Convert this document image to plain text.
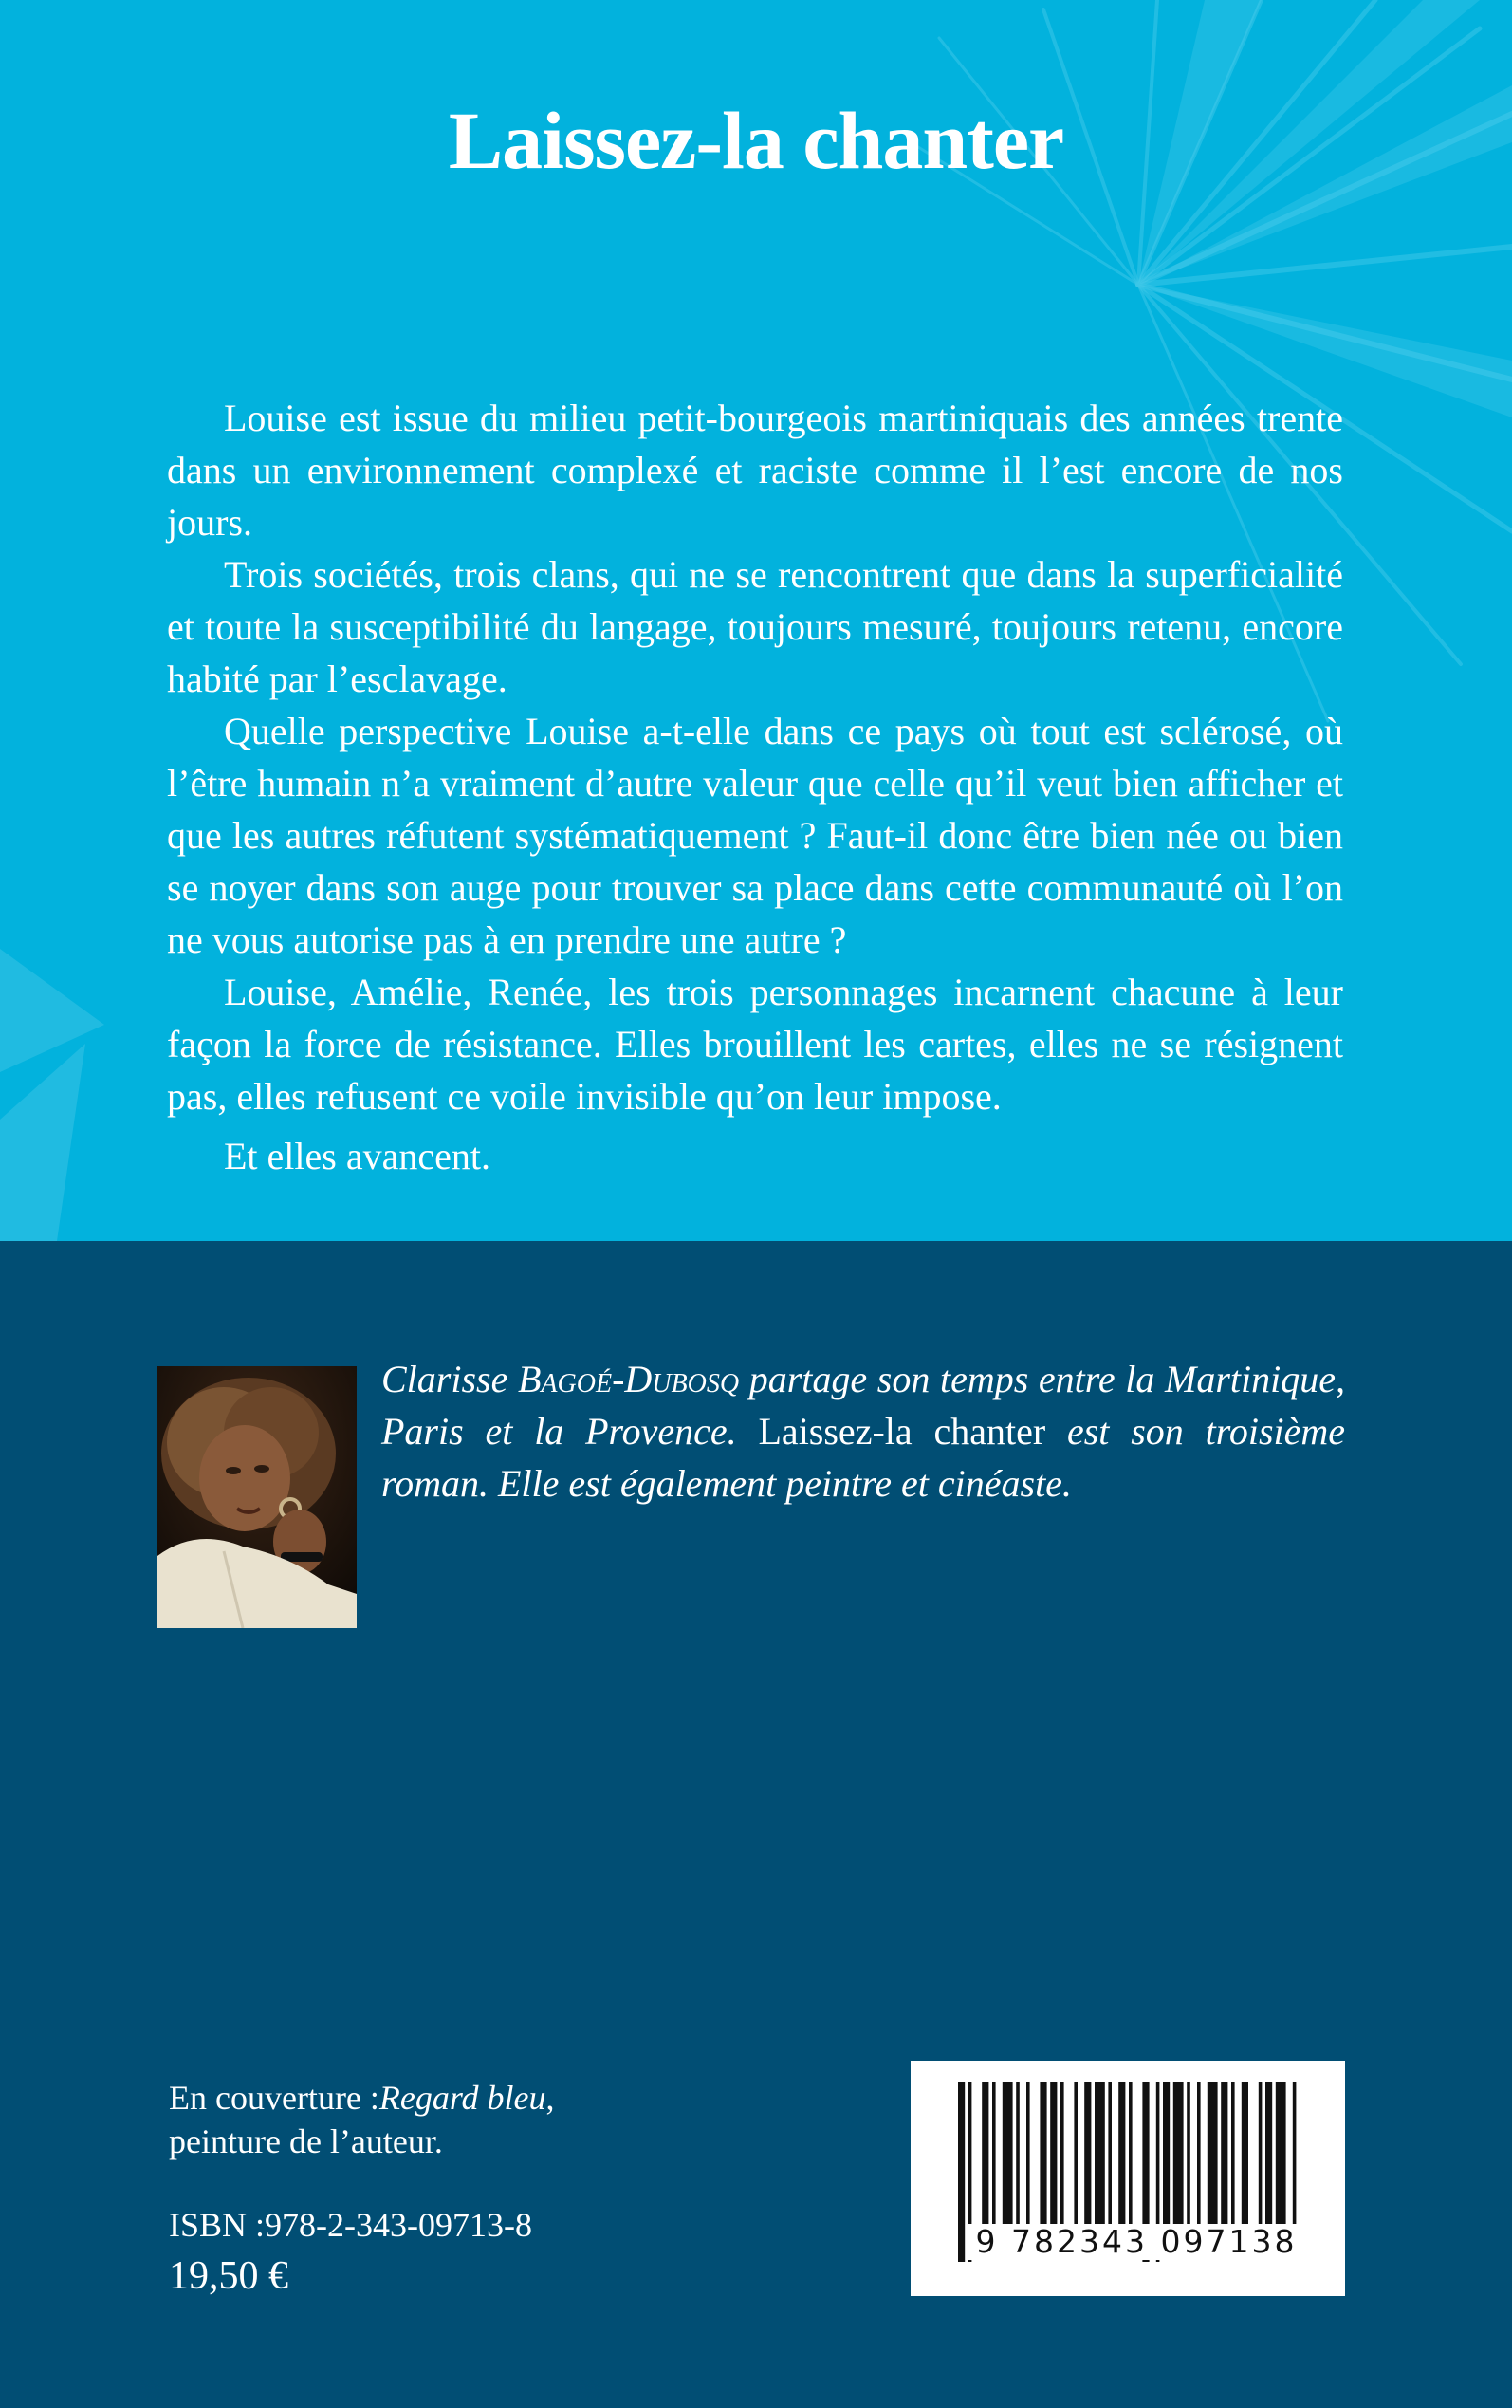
Laissez-la chanter

Louise est issue du milieu petit-bourgeois martiniquais des années trente dans un environnement complexé et raciste comme il l’est encore de nos jours.

Trois sociétés, trois clans, qui ne se rencontrent que dans la superficialité et toute la susceptibilité du langage, toujours mesuré, toujours retenu, encore habité par l’esclavage.

Quelle perspective Louise a-t-elle dans ce pays où tout est sclérosé, où l’être humain n’a vraiment d’autre valeur que celle qu’il veut bien afficher et que les autres réfutent systématiquement ? Faut-il donc être bien née ou bien se noyer dans son auge pour trouver sa place dans cette communauté où l’on ne vous autorise pas à en prendre une autre ?

Louise, Amélie, Renée, les trois personnages incarnent chacune à leur façon la force de résistance. Elles brouillent les cartes, elles ne se résignent pas, elles refusent ce voile invisible qu’on leur impose.

Et elles avancent.

Clarisse Bagoé-Dubosq partage son temps entre la Martinique, Paris et la Provence. Laissez-la chanter est son troisième roman. Elle est également peintre et cinéaste.
En couverture :Regard bleu,
peinture de l’auteur.
ISBN :978-2-343-09713-8
19,50 €
9 782343 097138
